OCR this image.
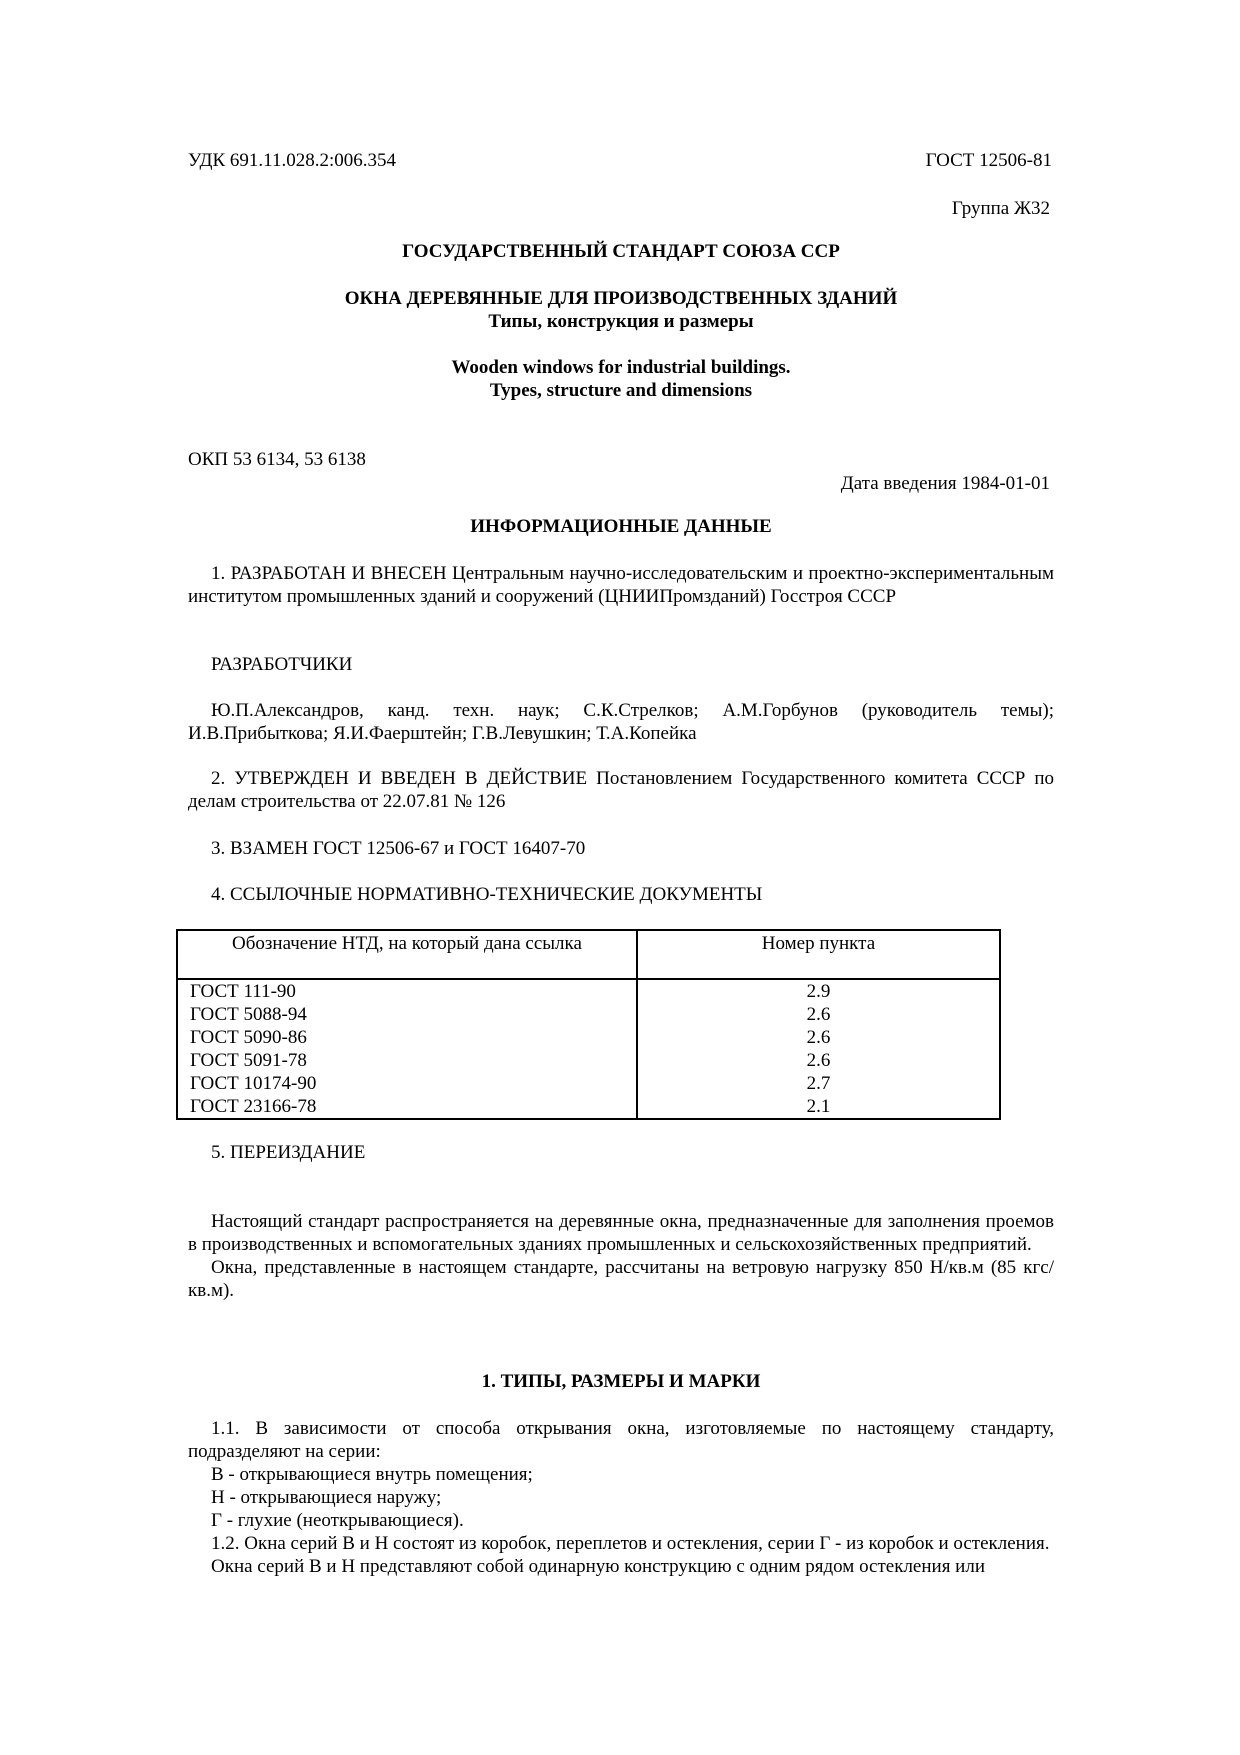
УДК 691.11.028.2:006.354	ГОСТ 12506-81
Группа Ж32
ГОСУДАРСТВЕННЫЙ СТАНДАРТ СОЮЗА ССР
ОКНА ДЕРЕВЯННЫЕ ДЛЯ ПРОИЗВОДСТВЕННЫХ ЗДАНИЙ
Типы, конструкция и размеры
Wooden windows for industrial buildings.
Types, structure and dimensions
ОКП 53 6134, 53 6138
Дата введения 1984-01-01
ИНФОРМАЦИОННЫЕ ДАННЫЕ
1. РАЗРАБОТАН И ВНЕСЕН Центральным научно-исследовательским и проектно-экспериментальным институтом промышленных зданий и сооружений (ЦНИИПромзданий) Госстроя СССР
РАЗРАБОТЧИКИ
Ю.П.Александров, канд. техн. наук; С.К.Стрелков; А.М.Горбунов (руководитель темы); И.В.Прибыткова; Я.И.Фаерштейн; Г.В.Левушкин; Т.А.Копейка
2. УТВЕРЖДЕН И ВВЕДЕН В ДЕЙСТВИЕ Постановлением Государственного комитета СССР по делам строительства от 22.07.81 № 126
3. ВЗАМЕН ГОСТ 12506-67 и ГОСТ 16407-70
4. ССЫЛОЧНЫЕ НОРМАТИВНО-ТЕХНИЧЕСКИЕ ДОКУМЕНТЫ
Обозначение НТД, на который дана ссылка	Номер пункта
ГОСТ 111-90	2.9
ГОСТ 5088-94	2.6
ГОСТ 5090-86	2.6
ГОСТ 5091-78	2.6
ГОСТ 10174-90	2.7
ГОСТ 23166-78	2.1
5. ПЕРЕИЗДАНИЕ

Настоящий стандарт распространяется на деревянные окна, предназначенные для заполнения проемов в производственных и вспомогательных зданиях промышленных и сельскохозяйственных предприятий.

Окна, представленные в настоящем стандарте, рассчитаны на ветровую нагрузку 850 Н/кв.м (85 кгс/кв.м).

1. ТИПЫ, РАЗМЕРЫ И МАРКИ

1.1. В зависимости от способа открывания окна, изготовляемые по настоящему стандарту, подразделяют на серии:

В - открывающиеся внутрь помещения;

Н - открывающиеся наружу;

Г - глухие (неоткрывающиеся).

1.2. Окна серий В и Н состоят из коробок, переплетов и остекления, серии Г - из коробок и остекления.

Окна серий В и Н представляют собой одинарную конструкцию с одним рядом остекления или
